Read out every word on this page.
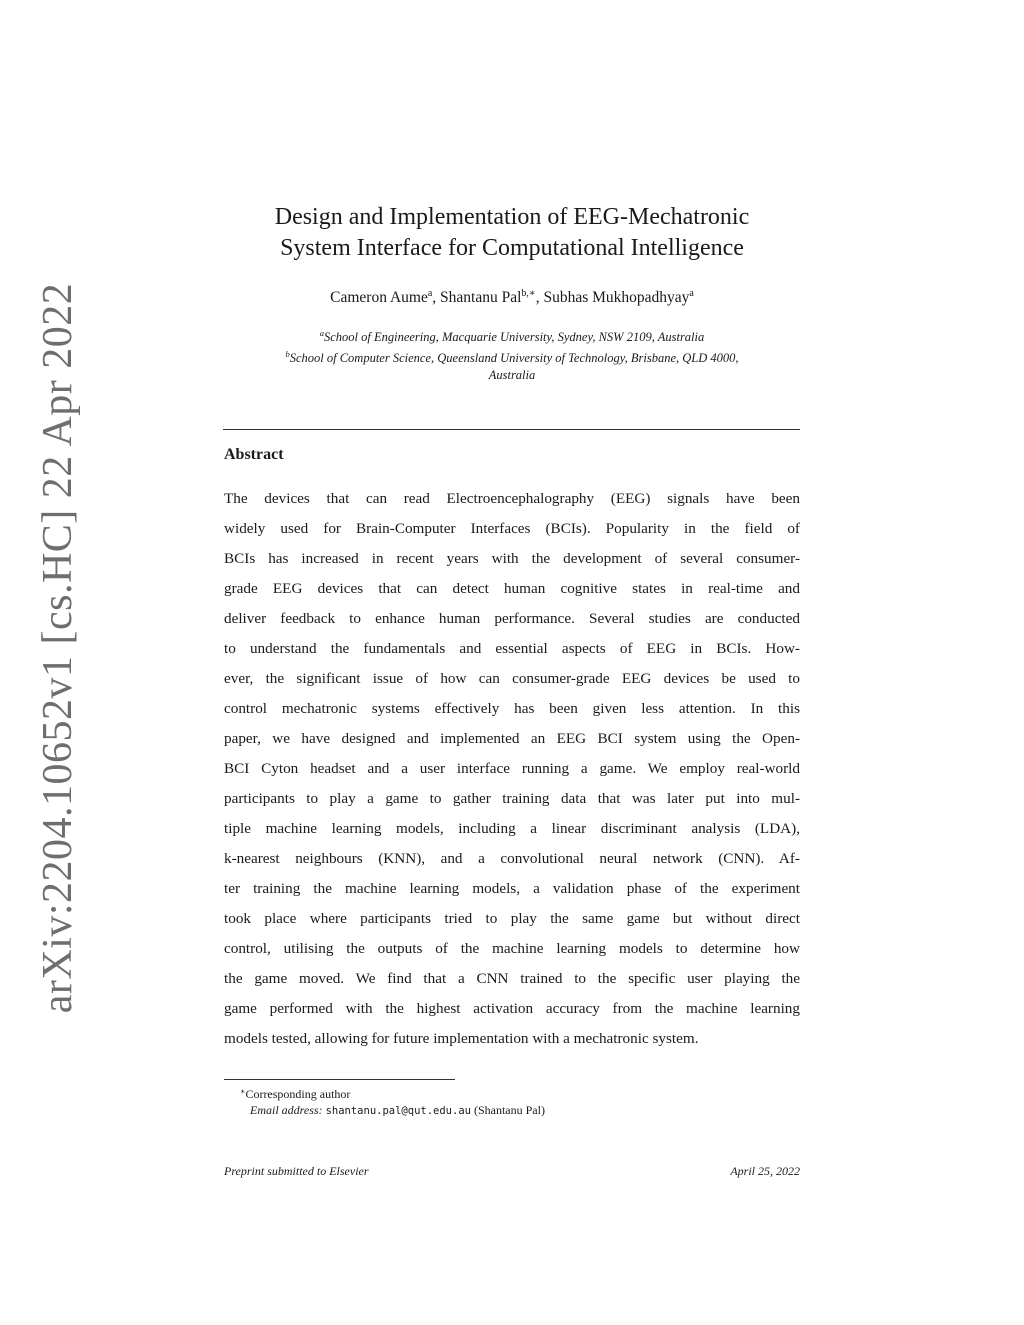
arXiv:2204.10652v1 [cs.HC] 22 Apr 2022
Design and Implementation of EEG-Mechatronic
System Interface for Computational Intelligence
Cameron Aume$^a$, Shantanu Pal$^{b,∗}$, Subhas Mukhopadhyay$^a$
$^a$School of Engineering, Macquarie University, Sydney, NSW 2109, Australia
$^b$School of Computer Science, Queensland University of Technology, Brisbane, QLD 4000,
Australia
Abstract
The devices that can read Electroencephalography (EEG) signals have been
widely used for Brain-Computer Interfaces (BCIs). Popularity in the field of
BCIs has increased in recent years with the development of several consumer-
grade EEG devices that can detect human cognitive states in real-time and
deliver feedback to enhance human performance. Several studies are conducted
to understand the fundamentals and essential aspects of EEG in BCIs. How-
ever, the significant issue of how can consumer-grade EEG devices be used to
control mechatronic systems effectively has been given less attention. In this
paper, we have designed and implemented an EEG BCI system using the Open-
BCI Cyton headset and a user interface running a game. We employ real-world
participants to play a game to gather training data that was later put into mul-
tiple machine learning models, including a linear discriminant analysis (LDA),
k-nearest neighbours (KNN), and a convolutional neural network (CNN). Af-
ter training the machine learning models, a validation phase of the experiment
took place where participants tried to play the same game but without direct
control, utilising the outputs of the machine learning models to determine how
the game moved. We find that a CNN trained to the specific user playing the
game performed with the highest activation accuracy from the machine learning
models tested, allowing for future implementation with a mechatronic system.
∗Corresponding author
Email address: shantanu.pal@qut.edu.au (Shantanu Pal)
Preprint submitted to Elsevier	April 25, 2022
